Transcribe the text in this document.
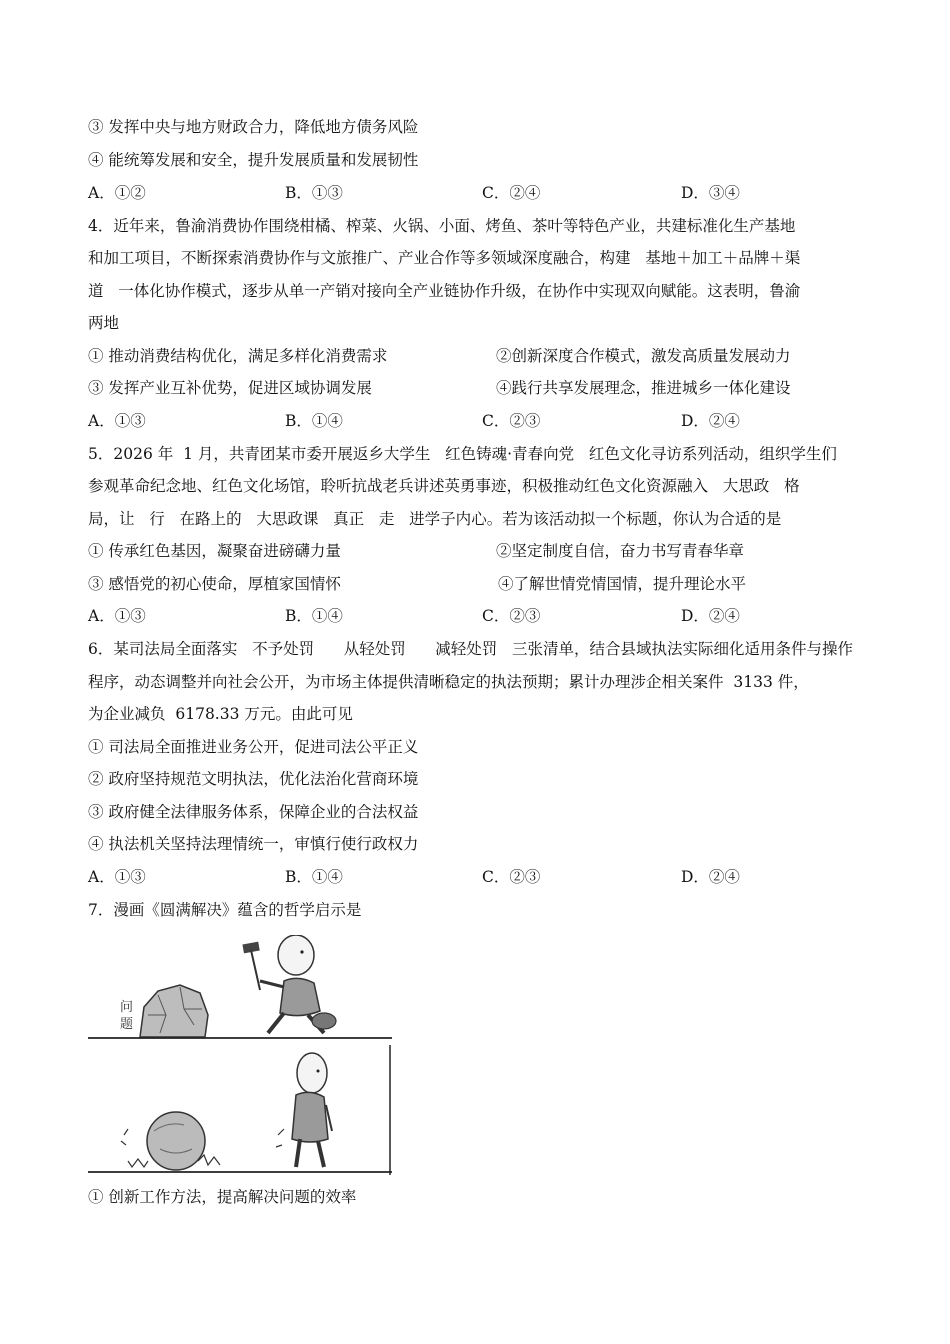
③ 发挥中央与地方财政合力，降低地方债务风险
④ 能统筹发展和安全，提升发展质量和发展韧性
A．①②	B．①③	C．②④	D．③④
4．近年来，鲁渝消费协作围绕柑橘、榨菜、火锅、小面、烤鱼、茶叶等特色产业，共建标准化生产基地
和加工项目，不断探索消费协作与文旅推广、产业合作等多领域深度融合，构建   基地＋加工＋品牌＋渠
道   一体化协作模式，逐步从单一产销对接向全产业链协作升级，在协作中实现双向赋能。这表明，鲁渝
两地
① 推动消费结构优化，满足多样化消费需求	②创新深度合作模式，激发高质量发展动力
③ 发挥产业互补优势，促进区域协调发展	④践行共享发展理念，推进城乡一体化建设
A．①③	B．①④	C．②③	D．②④
5．2026 年  1 月，共青团某市委开展返乡大学生   红色铸魂·青春向党   红色文化寻访系列活动，组织学生们
参观革命纪念地、红色文化场馆，聆听抗战老兵讲述英勇事迹，积极推动红色文化资源融入   大思政   格
局，让   行   在路上的   大思政课   真正   走   进学子内心。若为该活动拟一个标题，你认为合适的是
① 传承红色基因，凝聚奋进磅礴力量	②坚定制度自信，奋力书写青春华章
③ 感悟党的初心使命，厚植家国情怀	④了解世情党情国情，提升理论水平
A．①③	B．①④	C．②③	D．②④
6．某司法局全面落实   不予处罚      从轻处罚      减轻处罚   三张清单，结合县域执法实际细化适用条件与操作
程序，动态调整并向社会公开，为市场主体提供清晰稳定的执法预期；累计办理涉企相关案件  3133 件，
为企业减负  6178.33 万元。由此可见
① 司法局全面推进业务公开，促进司法公平正义
② 政府坚持规范文明执法，优化法治化营商环境
③ 政府健全法律服务体系，保障企业的合法权益
④ 执法机关坚持法理情统一，审慎行使行政权力
A．①③	B．①④	C．②③	D．②④
7．漫画《圆满解决》蕴含的哲学启示是
问
题
① 创新工作方法，提高解决问题的效率
